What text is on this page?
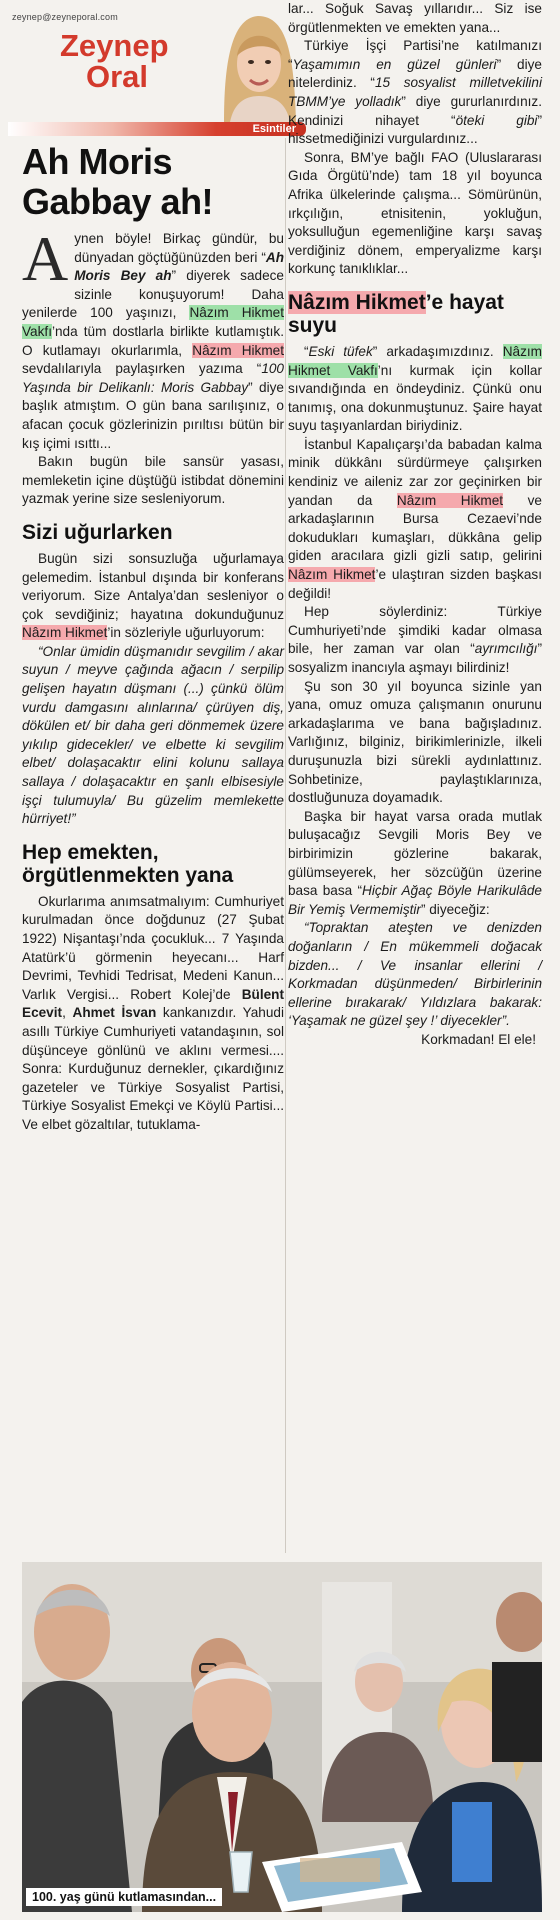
zeynep@zeyneporal.com
Zeynep
Oral
Esintiler
Ah Moris Gabbay ah!

Aynen böyle! Birkaç gündür, bu dünyadan göçtüğünüzden beri “Ah Moris Bey ah” diyerek sadece sizinle konuşuyorum! Daha yenilerde 100 yaşınızı, Nâzım Hikmet Vakfı’nda tüm dostlarla birlikte kutlamıştık. O kutlamayı okurlarımla, Nâzım Hikmet sevdalılarıyla paylaşırken yazıma “100 Yaşında bir Delikanlı: Moris Gabbay” diye başlık atmıştım. O gün bana sarılışınız, o afacan çocuk gözlerinizin pırıltısı bütün bir kış içimi ısıttı...

Bakın bugün bile sansür yasası, memleketin içine düştüğü istibdat dönemini yazmak yerine size sesleniyorum.

Sizi uğurlarken

Bugün sizi sonsuzluğa uğurlamaya gelemedim. İstanbul dışında bir konferans veriyorum. Size Antalya’dan sesleniyor o çok sevdiğiniz; hayatına dokunduğunuz Nâzım Hikmet’in sözleriyle uğurluyorum:

“Onlar ümidin düşmanıdır sevgilim / akar suyun / meyve çağında ağacın / serpilip gelişen hayatın düşmanı (...) çünkü ölüm vurdu damgasını alınlarına/ çürüyen diş, dökülen et/ bir daha geri dönmemek üzere yıkılıp gidecekler/ ve elbette ki sevgilim elbet/ dolaşacaktır elini kolunu sallaya sallaya / dolaşacaktır en şanlı elbisesiyle işçi tulumuyla/ Bu güzelim memlekette hürriyet!”

Hep emekten, örgütlenmekten yana

Okurlarıma anımsatmalıyım: Cumhuriyet kurulmadan önce doğdunuz (27 Şubat 1922) Nişantaşı’nda çocukluk... 7 Yaşında Atatürk’ü görmenin heyecanı... Harf Devrimi, Tevhidi Tedrisat, Medeni Kanun... Varlık Vergisi... Robert Kolej’de Bülent Ecevit, Ahmet İsvan kankanızdır. Yahudi asıllı Türkiye Cumhuriyeti vatandaşının, sol düşünceye gönlünü ve aklını vermesi.... Sonra: Kurduğunuz dernekler, çıkardığınız gazeteler ve Türkiye Sosyalist Partisi, Türkiye Sosyalist Emekçi ve Köylü Partisi... Ve elbet gözaltılar, tutuklama-

lar... Soğuk Savaş yıllarıdır... Siz ise örgütlenmekten ve emekten yana...

Türkiye İşçi Partisi’ne katılmanızı “Yaşamımın en güzel günleri” diye nitelerdiniz. “15 sosyalist milletvekilini TBMM’ye yolladık” diye gururlanırdınız. Kendinizi nihayet “öteki gibi” hissetmediğinizi vurgulardınız...

Sonra, BM’ye bağlı FAO (Uluslararası Gıda Örgütü’nde) tam 18 yıl boyunca Afrika ülkelerinde çalışma... Sömürünün, ırkçılığın, etnisitenin, yokluğun, yoksulluğun egemenliğine karşı savaş verdiğiniz dönem, emperyalizme karşı korkunç tanıklıklar...

Nâzım Hikmet’e hayat suyu

“Eski tüfek” arkadaşımızdınız. Nâzım Hikmet Vakfı’nı kurmak için kollar sıvandığında en öndeydiniz. Çünkü onu tanımış, ona dokunmuştunuz. Şaire hayat suyu taşıyanlardan biriydiniz.

İstanbul Kapalıçarşı’da babadan kalma minik dükkânı sürdürmeye çalışırken kendiniz ve aileniz zar zor geçinirken bir yandan da Nâzım Hikmet ve arkadaşlarının Bursa Cezaevi’nde dokudukları kumaşları, dükkâna gelip giden aracılara gizli gizli satıp, gelirini Nâzım Hikmet’e ulaştıran sizden başkası değildi!

Hep söylerdiniz: Türkiye Cumhuriyeti’nde şimdiki kadar olmasa bile, her zaman var olan “ayrımcılığı” sosyalizm inancıyla aşmayı bilirdiniz!

Şu son 30 yıl boyunca sizinle yan yana, omuz omuza çalışmanın onurunu arkadaşlarıma ve bana bağışladınız. Varlığınız, bilginiz, birikimlerinizle, ilkeli duruşunuzla bizi sürekli aydınlattınız. Sohbetinize, paylaştıklarınıza, dostluğunuza doyamadık.

Başka bir hayat varsa orada mutlak buluşacağız Sevgili Moris Bey ve birbirimizin gözlerine bakarak, gülümseyerek, her sözcüğün üzerine basa basa “Hiçbir Ağaç Böyle Harikulâde Bir Yemiş Vermemiştir” diyeceğiz:

“Topraktan ateşten ve denizden doğanların / En mükemmeli doğacak bizden... / Ve insanlar ellerini / Korkmadan düşünmeden/ Birbirlerinin ellerine bırakarak/ Yıldızlara bakarak: ‘Yaşamak ne güzel şey !’ diyecekler”.

Korkmadan! El ele!

100. yaş günü kutlamasından...
